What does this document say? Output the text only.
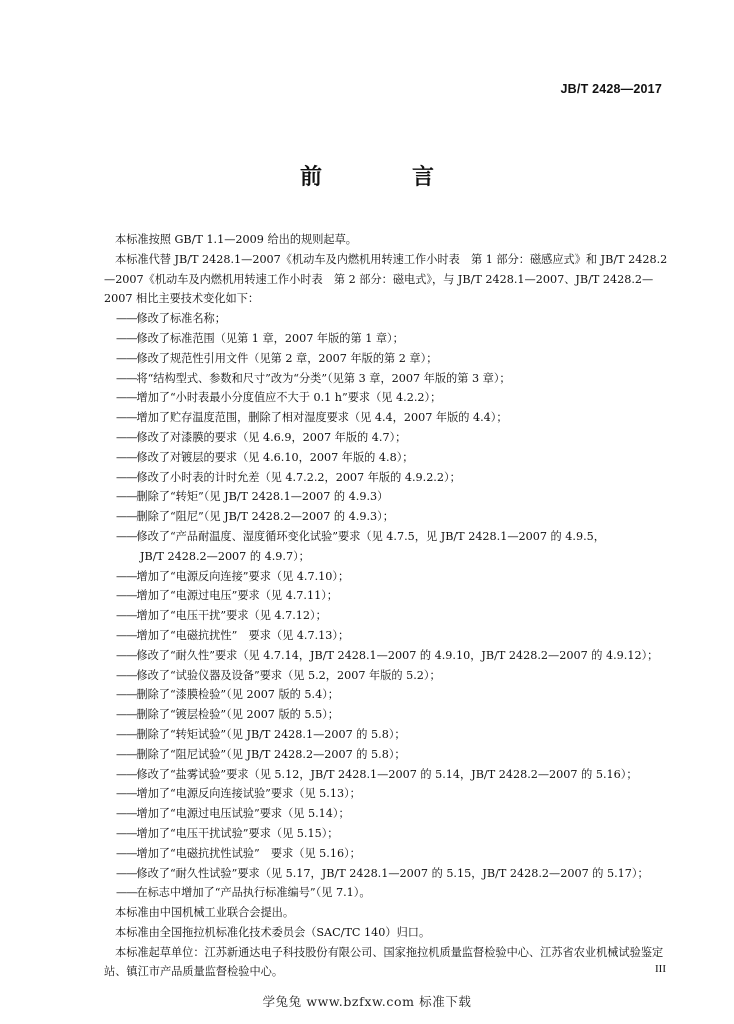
JB/T 2428—2017
前　言

本标准按照 GB/T 1.1—2009 给出的规则起草。

本标准代替 JB/T 2428.1—2007《机动车及内燃机用转速工作小时表　第 1 部分：磁感应式》和 JB/T 2428.2—2007《机动车及内燃机用转速工作小时表　第 2 部分：磁电式》，与 JB/T 2428.1—2007、JB/T 2428.2—2007 相比主要技术变化如下：

——修改了标准名称；

——修改了标准范围（见第 1 章，2007 年版的第 1 章）；

——修改了规范性引用文件（见第 2 章，2007 年版的第 2 章）；

——将“结构型式、参数和尺寸”改为“分类”（见第 3 章，2007 年版的第 3 章）；

——增加了“小时表最小分度值应不大于 0.1 h”要求（见 4.2.2）；

——增加了贮存温度范围，删除了相对湿度要求（见 4.4，2007 年版的 4.4）；

——修改了对漆膜的要求（见 4.6.9，2007 年版的 4.7）；

——修改了对镀层的要求（见 4.6.10，2007 年版的 4.8）；

——修改了小时表的计时允差（见 4.7.2.2，2007 年版的 4.9.2.2）；

——删除了“转矩”（见 JB/T 2428.1—2007 的 4.9.3）

——删除了“阻尼”（见 JB/T 2428.2—2007 的 4.9.3）；

——修改了“产品耐温度、湿度循环变化试验”要求（见 4.7.5，见 JB/T 2428.1—2007 的 4.9.5，

JB/T 2428.2—2007 的 4.9.7）；

——增加了“电源反向连接”要求（见 4.7.10）；

——增加了“电源过电压”要求（见 4.7.11）；

——增加了“电压干扰”要求（见 4.7.12）；

——增加了“电磁抗扰性”　要求（见 4.7.13）；

——修改了“耐久性”要求（见 4.7.14，JB/T 2428.1—2007 的 4.9.10，JB/T 2428.2—2007 的 4.9.12）；

——修改了“试验仪器及设备”要求（见 5.2，2007 年版的 5.2）；

——删除了“漆膜检验”（见 2007 版的 5.4）；

——删除了“镀层检验”（见 2007 版的 5.5）；

——删除了“转矩试验”（见 JB/T 2428.1—2007 的 5.8）；

——删除了“阻尼试验”（见 JB/T 2428.2—2007 的 5.8）；

——修改了“盐雾试验”要求（见 5.12，JB/T 2428.1—2007 的 5.14，JB/T 2428.2—2007 的 5.16）；

——增加了“电源反向连接试验”要求（见 5.13）；

——增加了“电源过电压试验”要求（见 5.14）；

——增加了“电压干扰试验”要求（见 5.15）；

——增加了“电磁抗扰性试验”　要求（见 5.16）；

——修改了“耐久性试验”要求（见 5.17，JB/T 2428.1—2007 的 5.15，JB/T 2428.2—2007 的 5.17）；

——在标志中增加了“产品执行标准编号”（见 7.1）。

本标准由中国机械工业联合会提出。

本标准由全国拖拉机标准化技术委员会（SAC/TC 140）归口。

本标准起草单位：江苏新通达电子科技股份有限公司、国家拖拉机质量监督检验中心、江苏省农业机械试验鉴定站、镇江市产品质量监督检验中心。	III
学兔兔 www.bzfxw.com 标准下载
